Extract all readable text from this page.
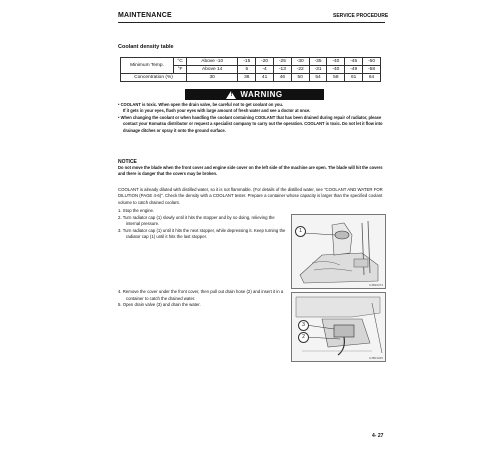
MAINTENANCE	SERVICE PROCEDURE
Coolant density table
Minimum Temp.	°C	Above -10	-15	-20	-25	-30	-35	-40	-45	-50
	°F	Above 14	5	-4	-13	-22	-31	-40	-49	-58
Concentration (%)		30	36	41	46	50	54	58	61	64
! WARNING
• COOLANT is toxic. When open the drain valve, be careful not to get coolant on you.
If it gets in your eyes, flush your eyes with large amount of fresh water and see a doctor at once.
• When changing the coolant or when handling the coolant containing COOLANT that has been drained during repair of radiator, please contact your Komatsu distributor or request a specialist company to carry out the operation. COOLANT is toxic. Do not let it flow into drainage ditches or spray it onto the ground surface.
NOTICE
Do not move the blade when the front cover and engine side cover on the left side of the machine are open. The blade will hit the covers and there is danger that the covers may be broken.
COOLANT is already diluted with distilled water, so it is not flammable. (For details of the distilled water, see "COOLANT AND WATER FOR DILUTION (PAGE 4-6)". Check the density with a COOLANT tester. Prepare a container whose capacity is larger than the specified coolant volume to catch drained coolant.
1. Stop the engine.
2. Turn radiator cap (1) slowly until it hits the stopper and by so doing, relieving the internal pressure.
3. Turn radiator cap (1) until it hits the next stopper, while depressing it. Keep turning the radiator cap (1) until it hits the last stopper.
1
UJB20374
4. Remove the cover under the front cover, then pull out drain hose (2) and insert it in a container to catch the drained water.
5. Open drain valve (3) and drain the water.
3
2
UJB01045
4- 27
